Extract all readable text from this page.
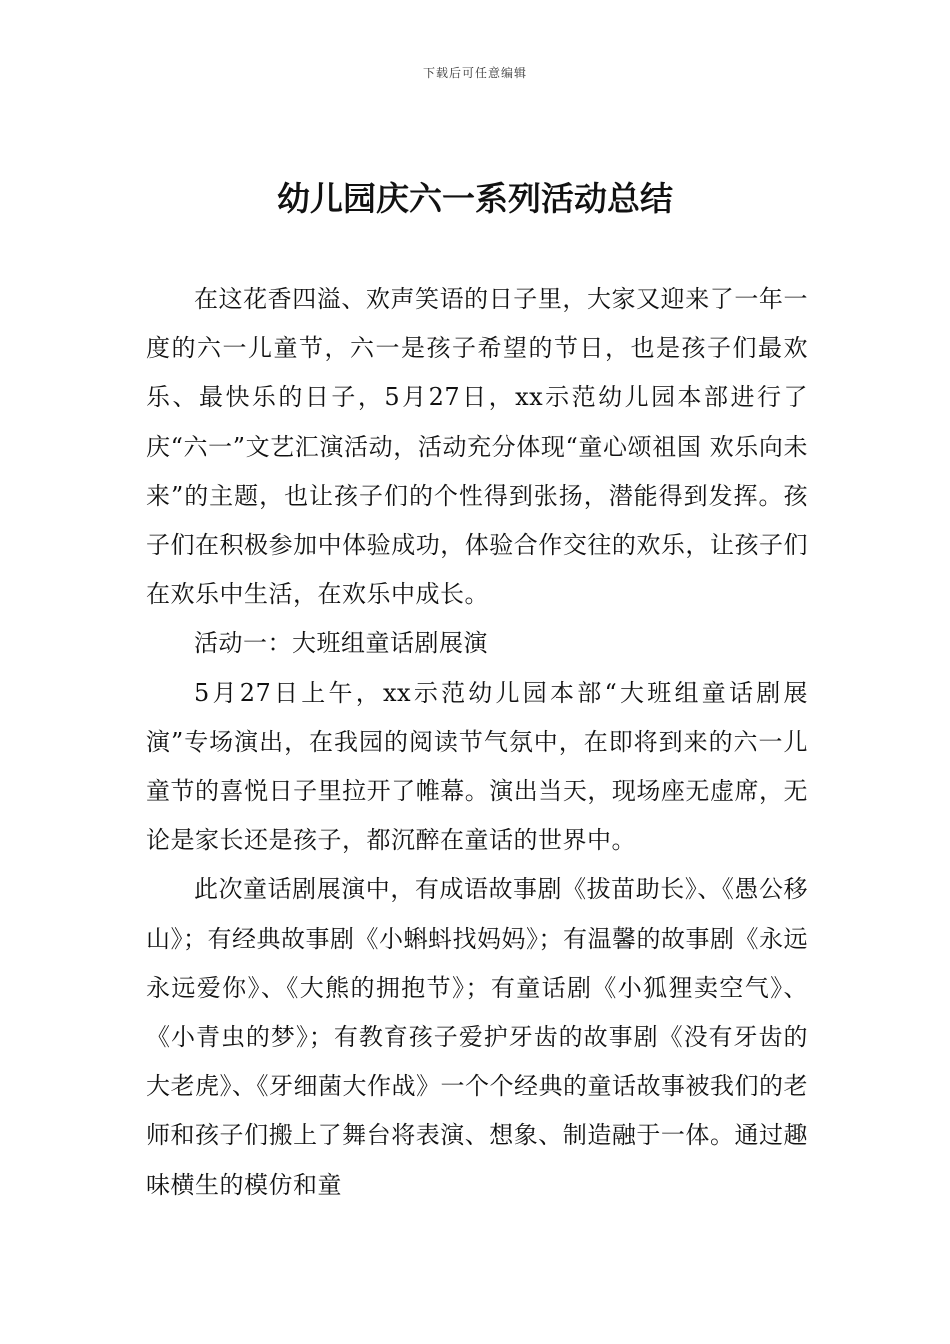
下载后可任意编辑
幼儿园庆六一系列活动总结

在这花香四溢、欢声笑语的日子里，大家又迎来了一年一度的六一儿童节，六一是孩子希望的节日，也是孩子们最欢乐、最快乐的日子，5月27日，xx示范幼儿园本部进行了庆“六一”文艺汇演活动，活动充分体现“童心颂祖国 欢乐向未来”的主题，也让孩子们的个性得到张扬，潜能得到发挥。孩子们在积极参加中体验成功，体验合作交往的欢乐，让孩子们在欢乐中生活，在欢乐中成长。

活动一：大班组童话剧展演

5月27日上午，xx示范幼儿园本部“大班组童话剧展演”专场演出，在我园的阅读节气氛中，在即将到来的六一儿童节的喜悦日子里拉开了帷幕。演出当天，现场座无虚席，无论是家长还是孩子，都沉醉在童话的世界中。

此次童话剧展演中，有成语故事剧《拔苗助长》、《愚公移山》；有经典故事剧《小蝌蚪找妈妈》；有温馨的故事剧《永远永远爱你》、《大熊的拥抱节》；有童话剧《小狐狸卖空气》、《小青虫的梦》；有教育孩子爱护牙齿的故事剧《没有牙齿的大老虎》、《牙细菌大作战》一个个经典的童话故事被我们的老师和孩子们搬上了舞台将表演、想象、制造融于一体。通过趣味横生的模仿和童
